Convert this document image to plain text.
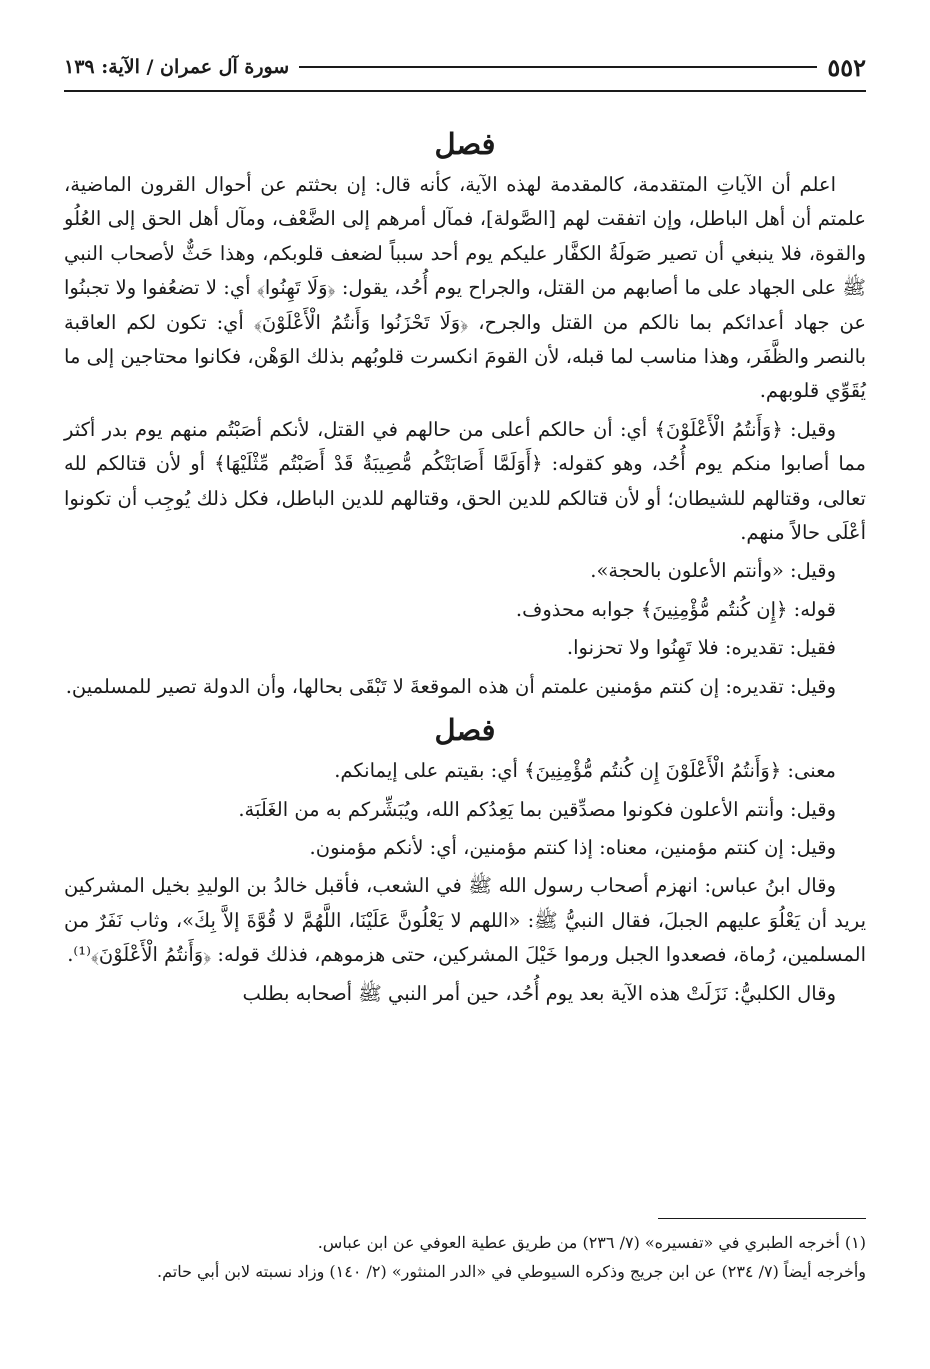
٥٥٢
سورة آل عمران / الآية: ١٣٩
فصل

اعلم أن الآياتِ المتقدمة، كالمقدمة لهذه الآية، كأنه قال: إن بحثتم عن أحوال القرون الماضية، علمتم أن أهل الباطل، وإن اتفقت لهم [الصَّولة]، فمآل أمرهم إلى الضَّعْف، ومآل أهل الحق إلى العُلُو والقوة، فلا ينبغي أن تصير صَولَةُ الكفَّار عليكم يوم أحد سبباً لضعف قلوبكم، وهذا حَثٌّ لأصحاب النبي ﷺ على الجهاد على ما أصابهم من القتل، والجراح يوم أُحُد، يقول: ﴿وَلَا تَهِنُوا﴾ أي: لا تضعُفوا ولا تجبنُوا عن جهاد أعدائكم بما نالكم من القتل والجرح، ﴿وَلَا تَحْزَنُوا وَأَنتُمُ الْأَعْلَوْنَ﴾ أي: تكون لكم العاقبة بالنصر والظَّفَر، وهذا مناسب لما قبله، لأن القومَ انكسرت قلوبُهم بذلك الوَهْن، فكانوا محتاجين إلى ما يُقَوِّي قلوبهم.

وقيل: ﴿وَأَنتُمُ الْأَعْلَوْنَ﴾ أي: أن حالكم أعلى من حالهم في القتل، لأنكم أصَبْتُم منهم يوم بدر أكثر مما أصابوا منكم يوم أُحُد، وهو كقوله: ﴿أَوَلَمَّا أَصَابَتْكُم مُّصِيبَةٌ قَدْ أَصَبْتُم مِّثْلَيْهَا﴾ أو لأن قتالكم لله تعالى، وقتالهم للشيطان؛ أو لأن قتالكم للدين الحق، وقتالهم للدين الباطل، فكل ذلك يُوجِب أن تكونوا أعْلَى حالاً منهم.

وقيل: «وأنتم الأعلون بالحجة».

قوله: ﴿إِن كُنتُم مُّؤْمِنِينَ﴾ جوابه محذوف.

فقيل: تقديره: فلا تَهِنُوا ولا تحزنوا.

وقيل: تقديره: إن كنتم مؤمنين علمتم أن هذه الموقعةَ لا تَبْقَى بحالها، وأن الدولة تصير للمسلمين.

فصل

معنى: ﴿وَأَنتُمُ الْأَعْلَوْنَ إِن كُنتُم مُّؤْمِنِينَ﴾ أي: بقيتم على إيمانكم.

وقيل: وأنتم الأعلون فكونوا مصدِّقين بما يَعِدُكم الله، ويُبَشِّركم به من الغَلَبَة.

وقيل: إن كنتم مؤمنين، معناه: إذا كنتم مؤمنين، أي: لأنكم مؤمنون.

وقال ابنُ عباس: انهزم أصحاب رسول الله ﷺ في الشعب، فأقبل خالدُ بن الوليدِ بخيل المشركين يريد أن يَعْلُوَ عليهم الجبلَ، فقال النبيُّ ﷺ: «اللهم لا يَعْلُونَّ عَلَيْنَا، اللَّهُمَّ لا قُوَّةَ إلاَّ بِكَ»، وثاب نَفَرٌ من المسلمين، رُماة، فصعدوا الجبل ورموا خَيْلَ المشركين، حتى هزموهم، فذلك قوله: ﴿وَأَنتُمُ الْأَعْلَوْنَ﴾⁽¹⁾.

وقال الكلبيُّ: نَزَلَتْ هذه الآية بعد يوم أُحُد، حين أمر النبي ﷺ أصحابه بطلب

(١) أخرجه الطبري في «تفسيره» (٧/ ٢٣٦) من طريق عطية العوفي عن ابن عباس.

وأخرجه أيضاً (٧/ ٢٣٤) عن ابن جريج وذكره السيوطي في «الدر المنثور» (٢/ ١٤٠) وزاد نسبته لابن أبي حاتم.
